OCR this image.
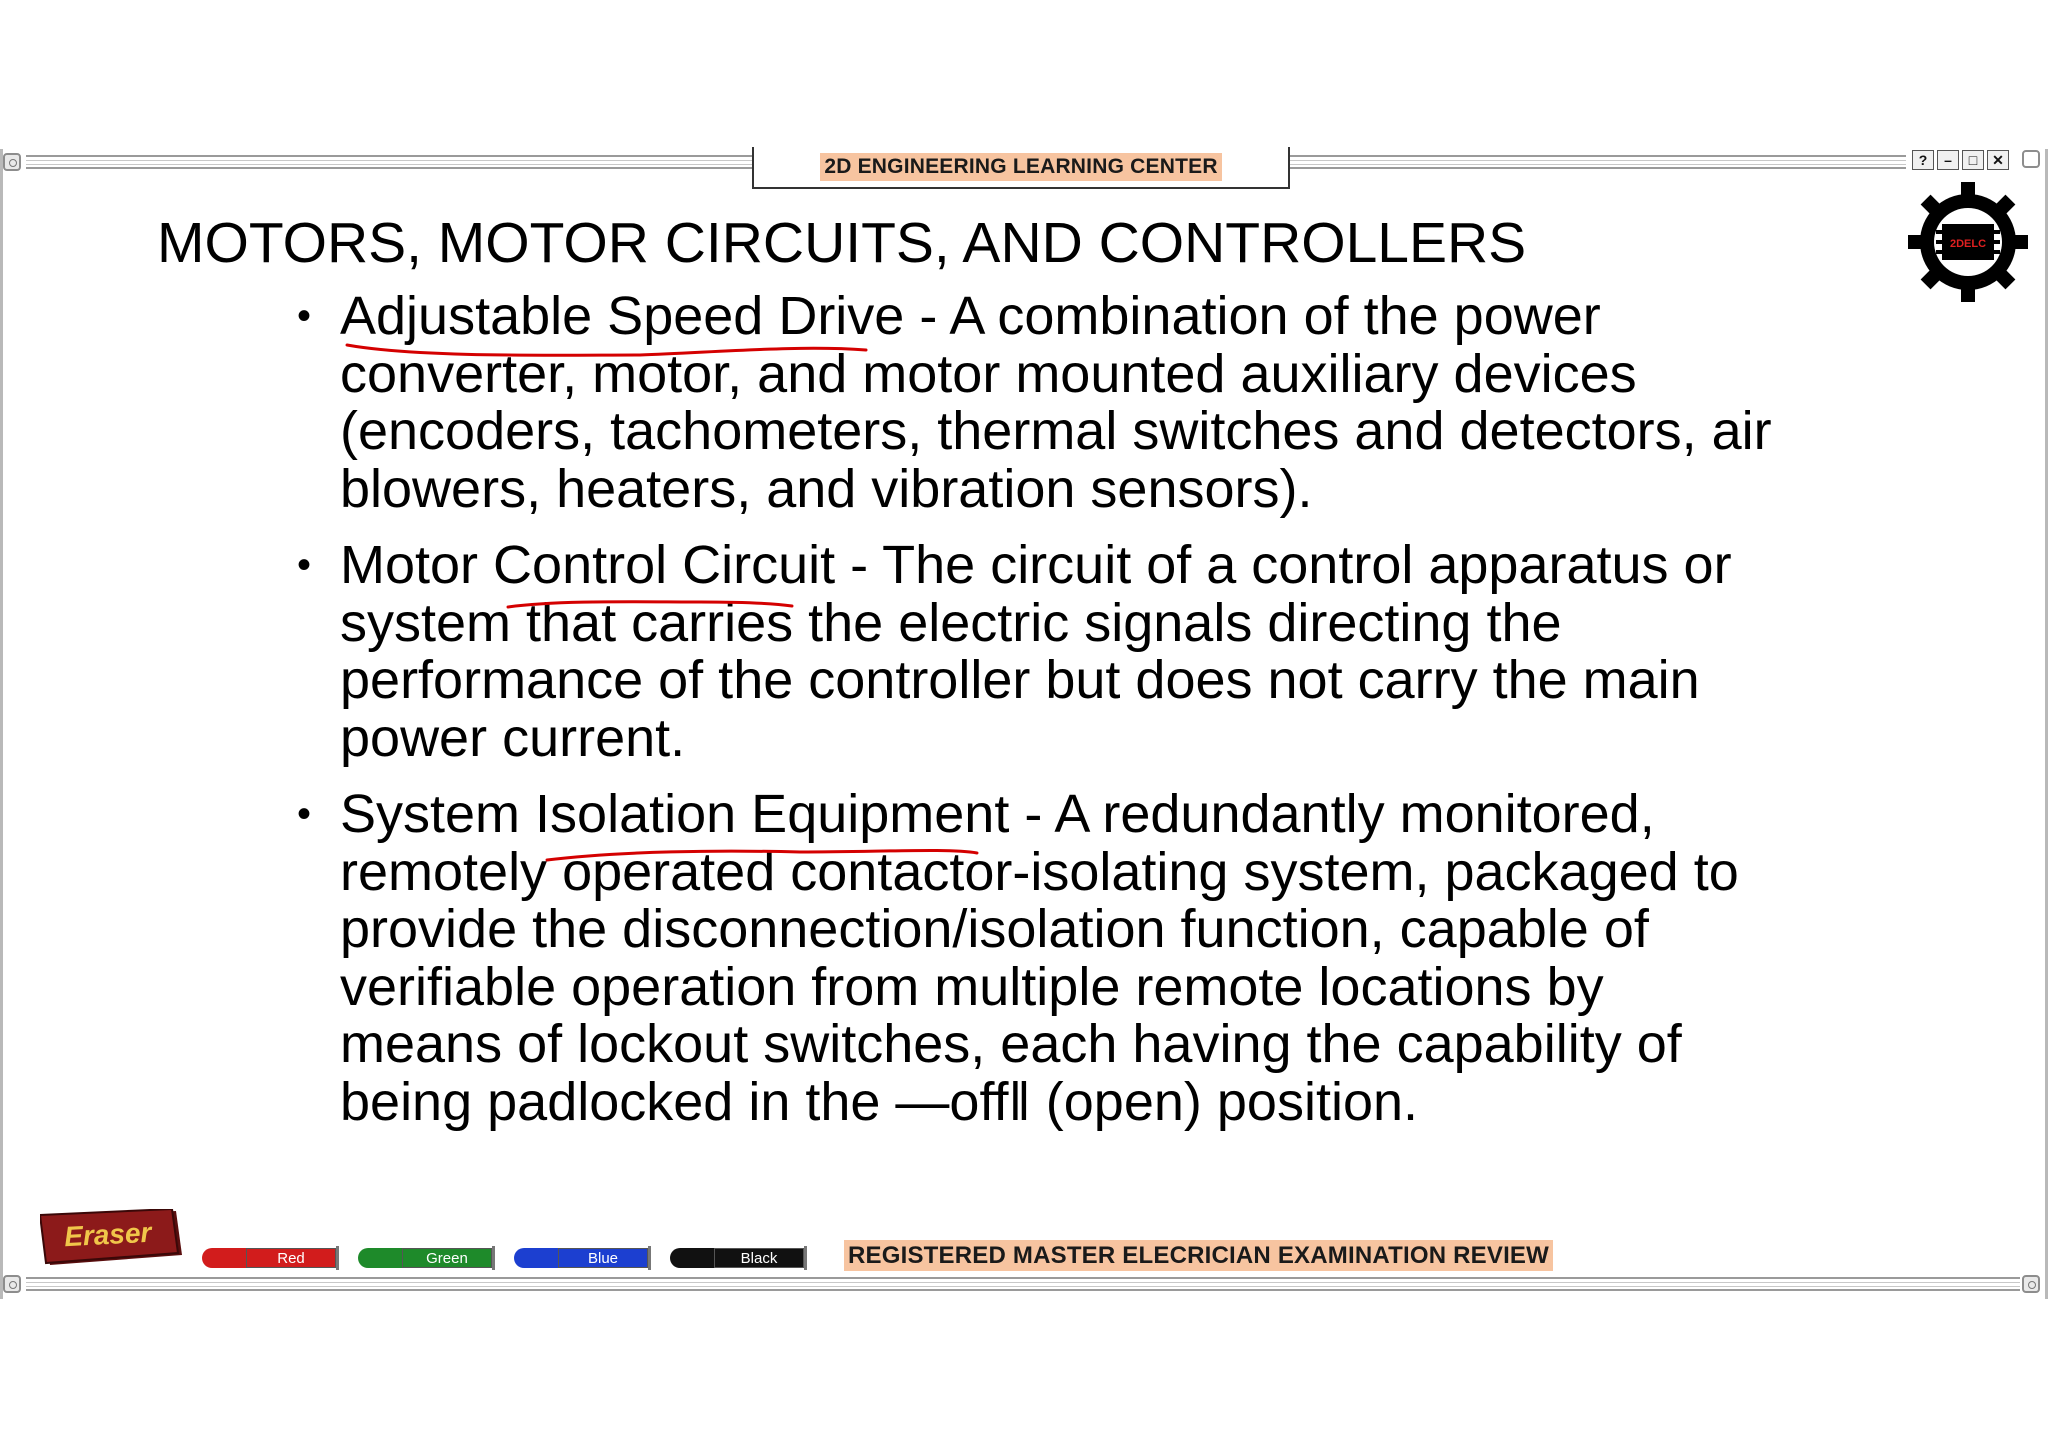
2D ENGINEERING LEARNING CENTER	?	–	□	✕
2DELC
MOTORS, MOTOR CIRCUITS, AND CONTROLLERS
• Adjustable Speed Drive - A combination of the power
converter, motor, and motor mounted auxiliary devices
(encoders, tachometers, thermal switches and detectors, air
blowers, heaters, and vibration sensors).
• Motor Control Circuit - The circuit of a control apparatus or
system that carries the electric signals directing the
performance of the controller but does not carry the main
power current.
• System Isolation Equipment - A redundantly monitored,
remotely operated contactor-isolating system, packaged to
provide the disconnection/isolation function, capable of
verifiable operation from multiple remote locations by
means of lockout switches, each having the capability of
being padlocked in the —offǁ (open) position.
Eraser
Red	Green	Blue	Black	REGISTERED MASTER ELECRICIAN EXAMINATION REVIEW
